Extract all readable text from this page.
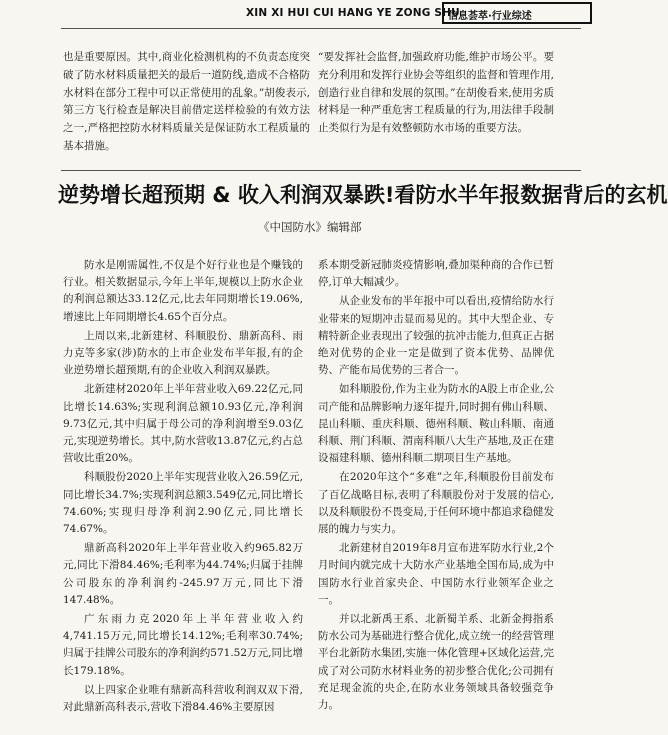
XIN XI HUI CUI HANG YE ZONG SHU
信息荟萃·行业综述
也是重要原因。其中,商业化检测机构的不负责态度突破了防水材料质量把关的最后一道防线,造成不合格防水材料在部分工程中可以正常使用的乱象。”胡俊表示,第三方飞行检查是解决目前借定送样检验的有效方法之一,严格把控防水材料质量关是保证防水工程质量的基本措施。
“要发挥社会监督,加强政府功能,维护市场公平。要充分利用和发挥行业协会等组织的监督和管理作用,创造行业自律和发展的氛围。”在胡俊看来,使用劣质材料是一种严重危害工程质量的行为,用法律手段制止类似行为是有效整顿防水市场的重要方法。
逆势增长超预期 & 收入利润双暴跌!看防水半年报数据背后的玄机
《中国防水》编辑部

防水是刚需属性,不仅是个好行业也是个赚钱的行业。相关数据显示,今年上半年,规模以上防水企业的利润总额达33.12亿元,比去年同期增长19.06%,增速比上年同期增长4.65个百分点。

上周以来,北新建材、科顺股份、鼎新高科、雨力克等多家(涉)防水的上市企业发布半年报,有的企业逆势增长超预期,有的企业收入利润双暴跌。

北新建材2020年上半年营业收入69.22亿元,同比增长14.63%;实现利润总额10.93亿元,净利润9.73亿元,其中归属于母公司的净利润增至9.03亿元,实现逆势增长。其中,防水营收13.87亿元,约占总营收比重20%。

科顺股份2020上半年实现营业收入26.59亿元,同比增长34.7%;实现利润总额3.549亿元,同比增长74.60%;实现归母净利润2.90亿元,同比增长74.67%。

鼎新高科2020年上半年营业收入约965.82万元,同比下滑84.46%;毛利率为44.74%;归属于挂牌公司股东的净利润约-245.97万元,同比下滑147.48%。

广东雨力克2020年上半年营业收入约4,741.15万元,同比增长14.12%;毛利率30.74%;归属于挂牌公司股东的净利润约571.52万元,同比增长179.18%。

以上四家企业唯有鼎新高科营收利润双双下滑,对此鼎新高科表示,营收下滑84.46%主要原因

系本期受新冠肺炎疫情影响,叠加渠种商的合作已暂停,订单大幅减少。

从企业发布的半年报中可以看出,疫情给防水行业带来的短期冲击显而易见的。其中大型企业、专精特新企业表现出了较强的抗冲击能力,但真正占据绝对优势的企业一定是做到了资本优势、品牌优势、产能布局优势的三者合一。

如科顺股份,作为主业为防水的A股上市企业,公司产能和品牌影响力逐年提升,同时拥有佛山科顺、昆山科顺、重庆科顺、德州科顺、鞍山科顺、南通科顺、荆门科顺、渭南科顺八大生产基地,及正在建设福建科顺、德州科顺二期项目生产基地。

在2020年这个“多难”之年,科顺股份目前发布了百亿战略目标,表明了科顺股份对于发展的信心,以及科顺股份不畏变局,于任何环境中都追求稳健发展的魄力与实力。

北新建材自2019年8月宣布进军防水行业,2个月时间内就完成十大防水产业基地全国布局,成为中国防水行业首家央企、中国防水行业领军企业之一。

并以北新禹王系、北新蜀羊系、北新金拇指系防水公司为基础进行整合优化,成立统一的经营管理平台北新防水集团,实施一体化管理+区域化运营,完成了对公司防水材料业务的初步整合优化;公司拥有充足现金流的央企,在防水业务领域具备较强竞争力。
